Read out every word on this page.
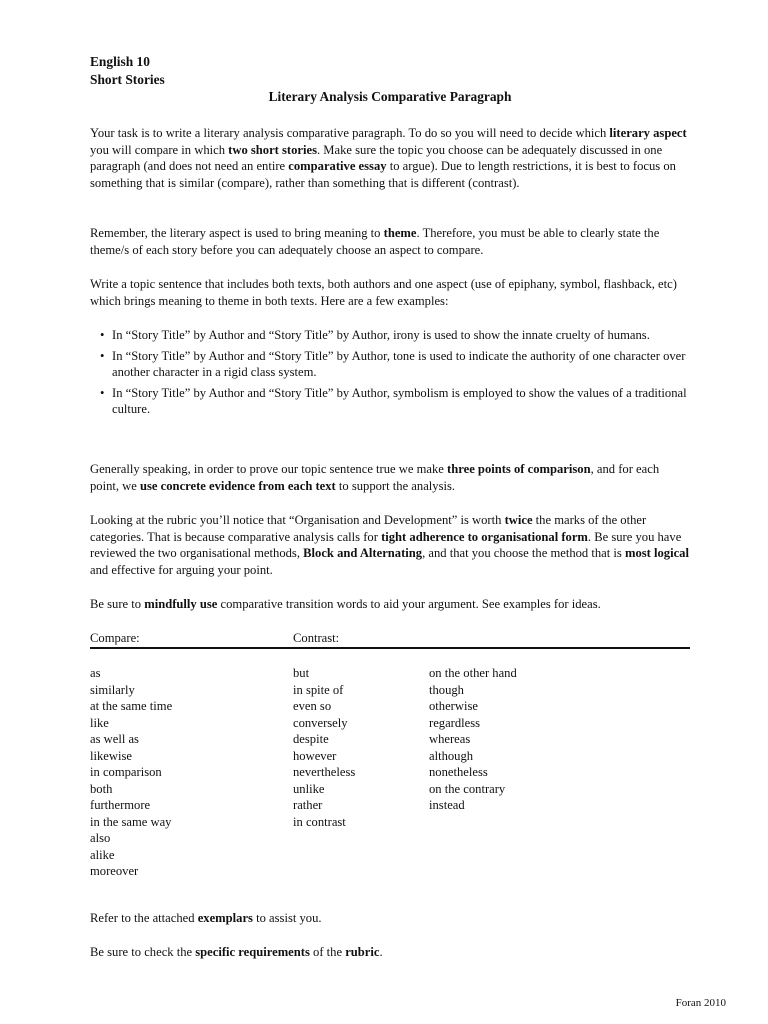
English 10
Short Stories
Literary Analysis Comparative Paragraph

Your task is to write a literary analysis comparative paragraph. To do so you will need to decide which literary aspect you will compare in which two short stories. Make sure the topic you choose can be adequately discussed in one paragraph (and does not need an entire comparative essay to argue). Due to length restrictions, it is best to focus on something that is similar (compare), rather than something that is different (contrast).

Remember, the literary aspect is used to bring meaning to theme. Therefore, you must be able to clearly state the theme/s of each story before you can adequately choose an aspect to compare.

Write a topic sentence that includes both texts, both authors and one aspect (use of epiphany, symbol, flashback, etc) which brings meaning to theme in both texts. Here are a few examples:

• In “Story Title” by Author and “Story Title” by Author, irony is used to show the innate cruelty of humans.
• In “Story Title” by Author and “Story Title” by Author, tone is used to indicate the authority of one character over another character in a rigid class system.
• In “Story Title” by Author and “Story Title” by Author, symbolism is employed to show the values of a traditional culture.

Generally speaking, in order to prove our topic sentence true we make three points of comparison, and for each point, we use concrete evidence from each text to support the analysis.

Looking at the rubric you’ll notice that “Organisation and Development” is worth twice the marks of the other categories. That is because comparative analysis calls for tight adherence to organisational form. Be sure you have reviewed the two organisational methods, Block and Alternating, and that you choose the method that is most logical and effective for arguing your point.

Be sure to mindfully use comparative transition words to aid your argument. See examples for ideas.

Compare:	Contrast:
as
similarly
at the same time
like
as well as
likewise
in comparison
both
furthermore
in the same way
also
alike
moreover
but
in spite of
even so
conversely
despite
however
nevertheless
unlike
rather
in contrast
on the other hand
though
otherwise
regardless
whereas
although
nonetheless
on the contrary
instead

Refer to the attached exemplars to assist you.

Be sure to check the specific requirements of the rubric.

Foran 2010
